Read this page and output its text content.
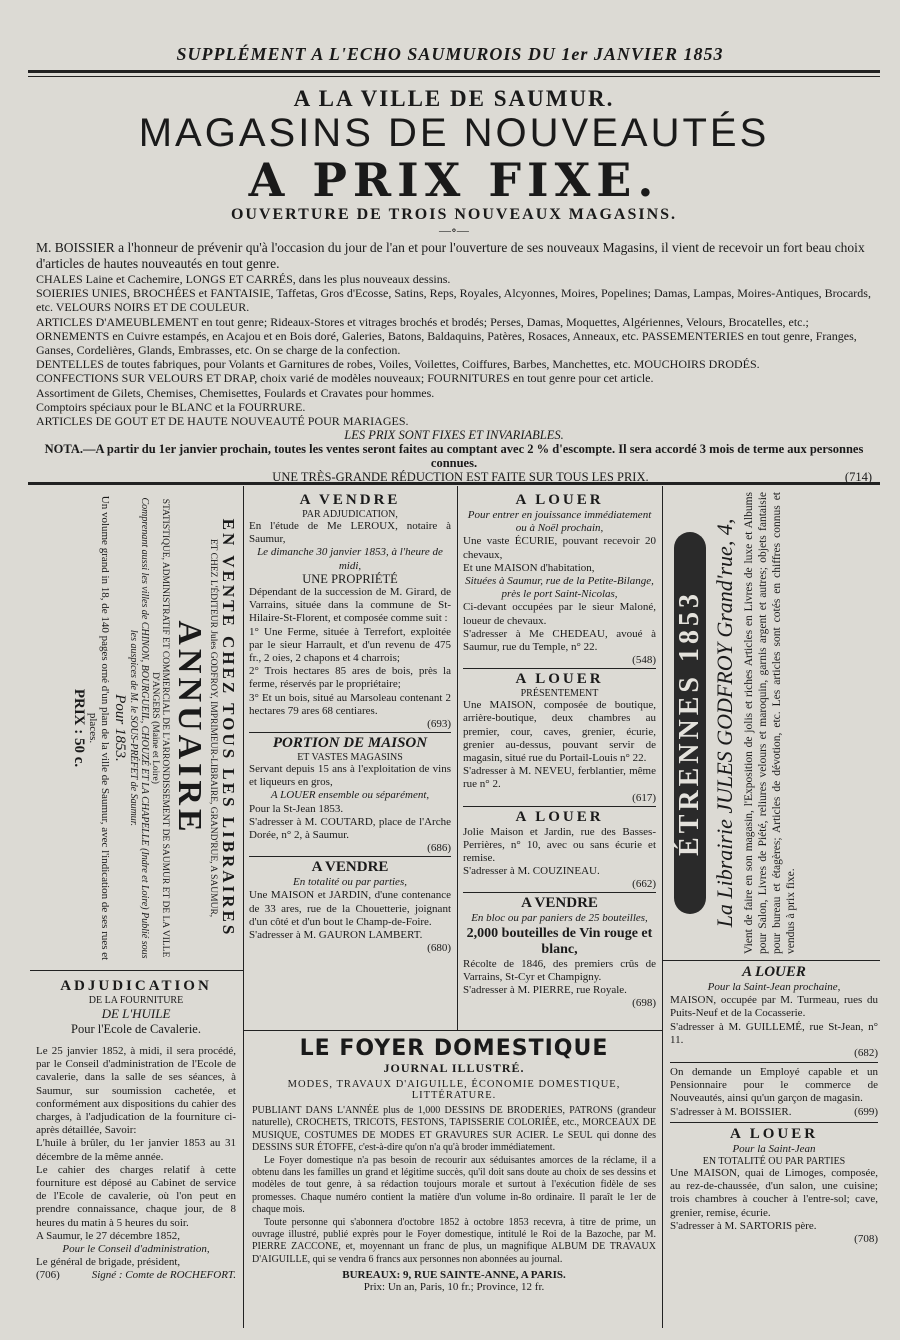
SUPPLÉMENT A L'ECHO SAUMUROIS DU 1er JANVIER 1853
A LA VILLE DE SAUMUR.
MAGASINS DE NOUVEAUTÉS
A PRIX FIXE.
OUVERTURE DE TROIS NOUVEAUX MAGASINS.
—∘—
M. BOISSIER a l'honneur de prévenir qu'à l'occasion du jour de l'an et pour l'ouverture de ses nouveaux Magasins, il vient de recevoir un fort beau choix d'articles de hautes nouveautés en tout genre.

CHALES Laine et Cachemire, LONGS ET CARRÉS, dans les plus nouveaux dessins.

SOIERIES UNIES, BROCHÉES et FANTAISIE, Taffetas, Gros d'Ecosse, Satins, Reps, Royales, Alcyonnes, Moires, Popelines; Damas, Lampas, Moires-Antiques, Brocards, etc. VELOURS NOIRS ET DE COULEUR.

ARTICLES D'AMEUBLEMENT en tout genre; Rideaux-Stores et vitrages brochés et brodés; Perses, Damas, Moquettes, Algériennes, Velours, Brocatelles, etc.; ORNEMENTS en Cuivre estampés, en Acajou et en Bois doré, Galeries, Batons, Baldaquins, Patères, Rosaces, Anneaux, etc. PASSEMENTERIES en tout genre, Franges, Ganses, Cordelières, Glands, Embrasses, etc. On se charge de la confection.

DENTELLES de toutes fabriques, pour Volants et Garnitures de robes, Voiles, Voilettes, Coiffures, Barbes, Manchettes, etc. MOUCHOIRS DRODÉS.

CONFECTIONS SUR VELOURS ET DRAP, choix varié de modèles nouveaux; FOURNITURES en tout genre pour cet article.

Assortiment de Gilets, Chemises, Chemisettes, Foulards et Cravates pour hommes.

Comptoirs spéciaux pour le BLANC et la FOURRURE.

ARTICLES DE GOUT ET DE HAUTE NOUVEAUTÉ POUR MARIAGES.

LES PRIX SONT FIXES ET INVARIABLES.
NOTA.—A partir du 1er janvier prochain, toutes les ventes seront faites au comptant avec 2 % d'escompte. Il sera accordé 3 mois de terme aux personnes connues.
UNE TRÈS-GRANDE RÉDUCTION EST FAITE SUR TOUS LES PRIX.	(714)
EN VENTE CHEZ TOUS LES LIBRAIRES
ET CHEZ L'ÉDITEUR Jules GODFROY, IMPRIMEUR-LIBRAIRE, GRAND'RUE, A SAUMUR,
ANNUAIRE
STATISTIQUE, ADMINISTRATIF ET COMMERCIAL DE L'ARRONDISSEMENT DE SAUMUR ET DE LA VILLE D'ANGERS (Maine et Loire)
Comprenant aussi les villes de CHINON, BOURGUEIL, CHOUZÉ ET LA CHAPELLE (Indre et Loire) Publié sous les auspices de M. le SOUS-PRÉFET de Saumur.
Pour 1853.
Un volume grand in 18, de 140 pages orné d'un plan de la ville de Saumur, avec l'indication de ses rues et places.
PRIX : 50 c.
ADJUDICATION
DE LA FOURNITURE
DE L'HUILE
Pour l'Ecole de Cavalerie.

Le 25 janvier 1852, à midi, il sera procédé, par le Conseil d'administration de l'Ecole de cavalerie, dans la salle de ses séances, à Saumur, sur soumission cachetée, et conformément aux dispositions du cahier des charges, à l'adjudication de la fourniture ci-après détaillée, Savoir:

L'huile à brûler, du 1er janvier 1853 au 31 décembre de la même année.

Le cahier des charges relatif à cette fourniture est déposé au Cabinet de service de l'Ecole de cavalerie, où l'on peut en prendre connaissance, chaque jour, de 8 heures du matin à 5 heures du soir.

A Saumur, le 27 décembre 1852,

Pour le Conseil d'administration,

Le général de brigade, président,

(706)	Signé : Comte de ROCHEFORT.

A VENDRE
PAR ADJUDICATION,

En l'étude de Me LEROUX, notaire à Saumur,

Le dimanche 30 janvier 1853, à l'heure de midi,

UNE PROPRIÉTÉ

Dépendant de la succession de M. Girard, de Varrains, située dans la commune de St-Hilaire-St-Florent, et composée comme suit :

1° Une Ferme, située à Terrefort, exploitée par le sieur Harrault, et d'un revenu de 475 fr., 2 oies, 2 chapons et 4 charrois;

2° Trois hectares 85 ares de bois, près la ferme, réservés par le propriétaire;

3° Et un bois, situé au Marsoleau contenant 2 hectares 79 ares 68 centiares.

(693)
PORTION DE MAISON
ET VASTES MAGASINS

Servant depuis 15 ans à l'exploitation de vins et liqueurs en gros,

A LOUER ensemble ou séparément,

Pour la St-Jean 1853.

S'adresser à M. COUTARD, place de l'Arche Dorée, n° 2, à Saumur.

(686)
A VENDRE

En totalité ou par parties,

Une MAISON et JARDIN, d'une contenance de 33 ares, rue de la Chouetterie, joignant d'un côté et d'un bout le Champ-de-Foire.

S'adresser à M. GAURON LAMBERT.

(680)
A LOUER

Pour entrer en jouissance immédiatement ou à Noël prochain,

Une vaste ÉCURIE, pouvant recevoir 20 chevaux,

Et une MAISON d'habitation,

Situées à Saumur, rue de la Petite-Bilange, près le port Saint-Nicolas,

Ci-devant occupées par le sieur Maloné, loueur de chevaux.

S'adresser à Me CHEDEAU, avoué à Saumur, rue du Temple, n° 22.

(548)
A LOUER
PRÉSENTEMENT

Une MAISON, composée de boutique, arrière-boutique, deux chambres au premier, cour, caves, grenier, écurie, grenier au-dessus, pouvant servir de magasin, situé rue du Portail-Louis n° 22.

S'adresser à M. NEVEU, ferblantier, même rue n° 2.

(617)
A LOUER

Jolie Maison et Jardin, rue des Basses-Perrières, n° 10, avec ou sans écurie et remise.

S'adresser à M. COUZINEAU.

(662)
A VENDRE

En bloc ou par paniers de 25 bouteilles,

2,000 bouteilles de Vin rouge et blanc,

Récolte de 1846, des premiers crûs de Varrains, St-Cyr et Champigny.

S'adresser à M. PIERRE, rue Royale.

(698)
ÉTRENNES 1853 La Librairie JULES GODFROY Grand'rue, 4, Vient de faire en son magasin, l'Exposition de jolis et riches Articles en Livres de luxe et Albums pour Salon, Livres de Piété, reliures velours et maroquin, garnis argent et autres; objets fantaisie pour bureau et étagères; Articles de dévotion, etc. Les articles sont cotés en chiffres connus et vendus à prix fixe.
A LOUER

Pour la Saint-Jean prochaine,

MAISON, occupée par M. Turmeau, rues du Puits-Neuf et de la Cocasserie.

S'adresser à M. GUILLEMÉ, rue St-Jean, n° 11.

(682)

On demande un Employé capable et un Pensionnaire pour le commerce de Nouveautés, ainsi qu'un garçon de magasin.

S'adresser à M. BOISSIER.	(699)

A LOUER

Pour la Saint-Jean

EN TOTALITÉ OU PAR PARTIES

Une MAISON, quai de Limoges, composée, au rez-de-chaussée, d'un salon, une cuisine; trois chambres à coucher à l'entre-sol; cave, grenier, remise, écurie.

S'adresser à M. SARTORIS père.

(708)
LE FOYER DOMESTIQUE
JOURNAL ILLUSTRÉ.
MODES, TRAVAUX D'AIGUILLE, ÉCONOMIE DOMESTIQUE, LITTÉRATURE.

PUBLIANT DANS L'ANNÉE plus de 1,000 DESSINS DE BRODERIES, PATRONS (grandeur naturelle), CROCHETS, TRICOTS, FESTONS, TAPISSERIE COLORIÉE, etc., MORCEAUX DE MUSIQUE, COSTUMES DE MODES ET GRAVURES SUR ACIER. Le SEUL qui donne des DESSINS SUR ÉTOFFE, c'est-à-dire qu'on n'a qu'à broder immédiatement.

Le Foyer domestique n'a pas besoin de recourir aux séduisantes amorces de la réclame, il a obtenu dans les familles un grand et légitime succès, qu'il doit sans doute au choix de ses dessins et modèles de tout genre, à sa rédaction toujours morale et surtout à l'exécution fidèle de ses promesses. Chaque numéro contient la matière d'un volume in-8o ordinaire. Il paraît le 1er de chaque mois.

Toute personne qui s'abonnera d'octobre 1852 à octobre 1853 recevra, à titre de prime, un ouvrage illustré, publié exprès pour le Foyer domestique, intitulé le Roi de la Bazoche, par M. PIERRE ZACCONE, et, moyennant un franc de plus, un magnifique ALBUM DE TRAVAUX D'AIGUILLE, qui se vendra 6 francs aux personnes non abonnées au journal.

BUREAUX: 9, RUE SAINTE-ANNE, A PARIS.
Prix: Un an, Paris, 10 fr.; Province, 12 fr.
